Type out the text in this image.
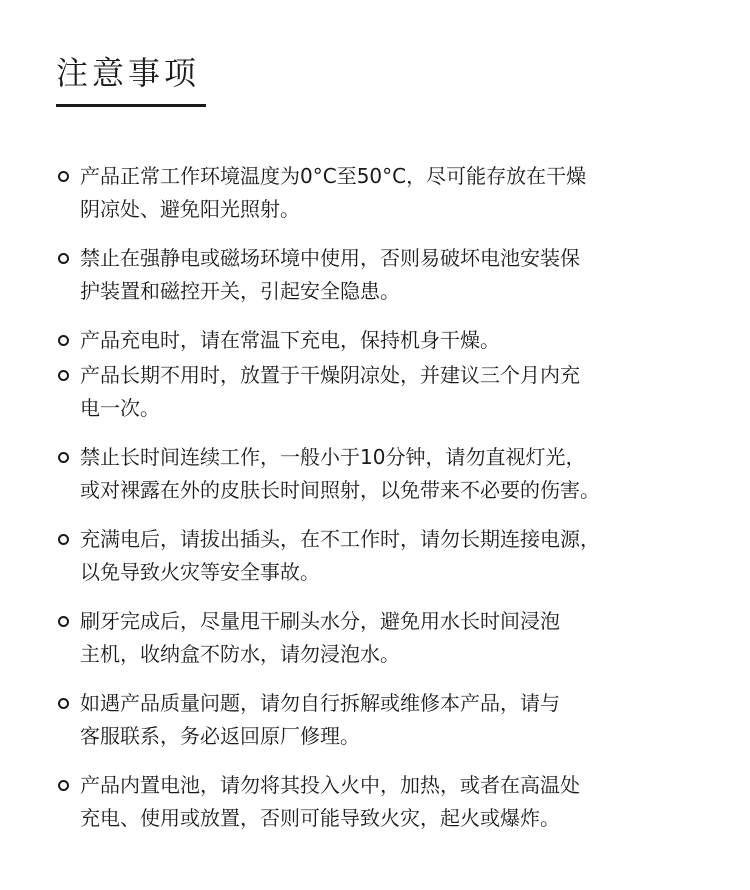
注意事项
产品正常工作环境温度为0°C至50°C，尽可能存放在干燥
阴凉处、避免阳光照射。
禁止在强静电或磁场环境中使用，否则易破坏电池安装保
护装置和磁控开关，引起安全隐患。
产品充电时，请在常温下充电，保持机身干燥。
产品长期不用时，放置于干燥阴凉处，并建议三个月内充
电一次。
禁止长时间连续工作，一般小于10分钟，请勿直视灯光，
或对裸露在外的皮肤长时间照射，以免带来不必要的伤害。
充满电后，请拔出插头，在不工作时，请勿长期连接电源，
以免导致火灾等安全事故。
刷牙完成后，尽量甩干刷头水分，避免用水长时间浸泡
主机，收纳盒不防水，请勿浸泡水。
如遇产品质量问题，请勿自行拆解或维修本产品，请与
客服联系，务必返回原厂修理。
产品内置电池，请勿将其投入火中，加热，或者在高温处
充电、使用或放置，否则可能导致火灾，起火或爆炸。
